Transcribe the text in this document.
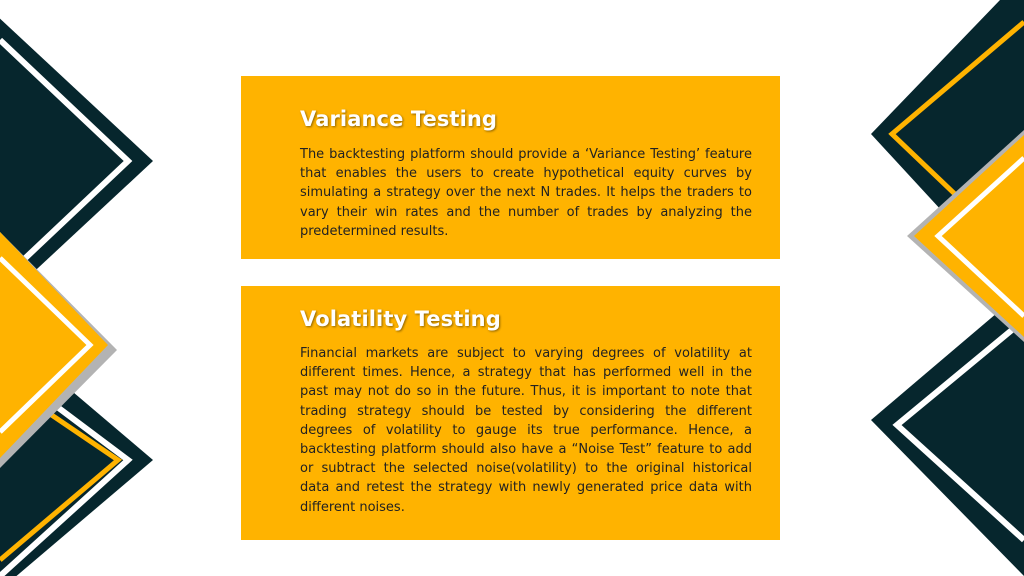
Variance Testing

The backtesting platform should provide a ‘Variance Testing’ feature that enables the users to create hypothetical equity curves by simulating a strategy over the next N trades. It helps the traders to vary their win rates and the number of trades by analyzing the predetermined results.

Volatility Testing

Financial markets are subject to varying degrees of volatility at different times. Hence, a strategy that has performed well in the past may not do so in the future. Thus, it is important to note that trading strategy should be tested by considering the different degrees of volatility to gauge its true performance. Hence, a backtesting platform should also have a “Noise Test” feature to add or subtract the selected noise(volatility) to the original historical data and retest the strategy with newly generated price data with different noises.
